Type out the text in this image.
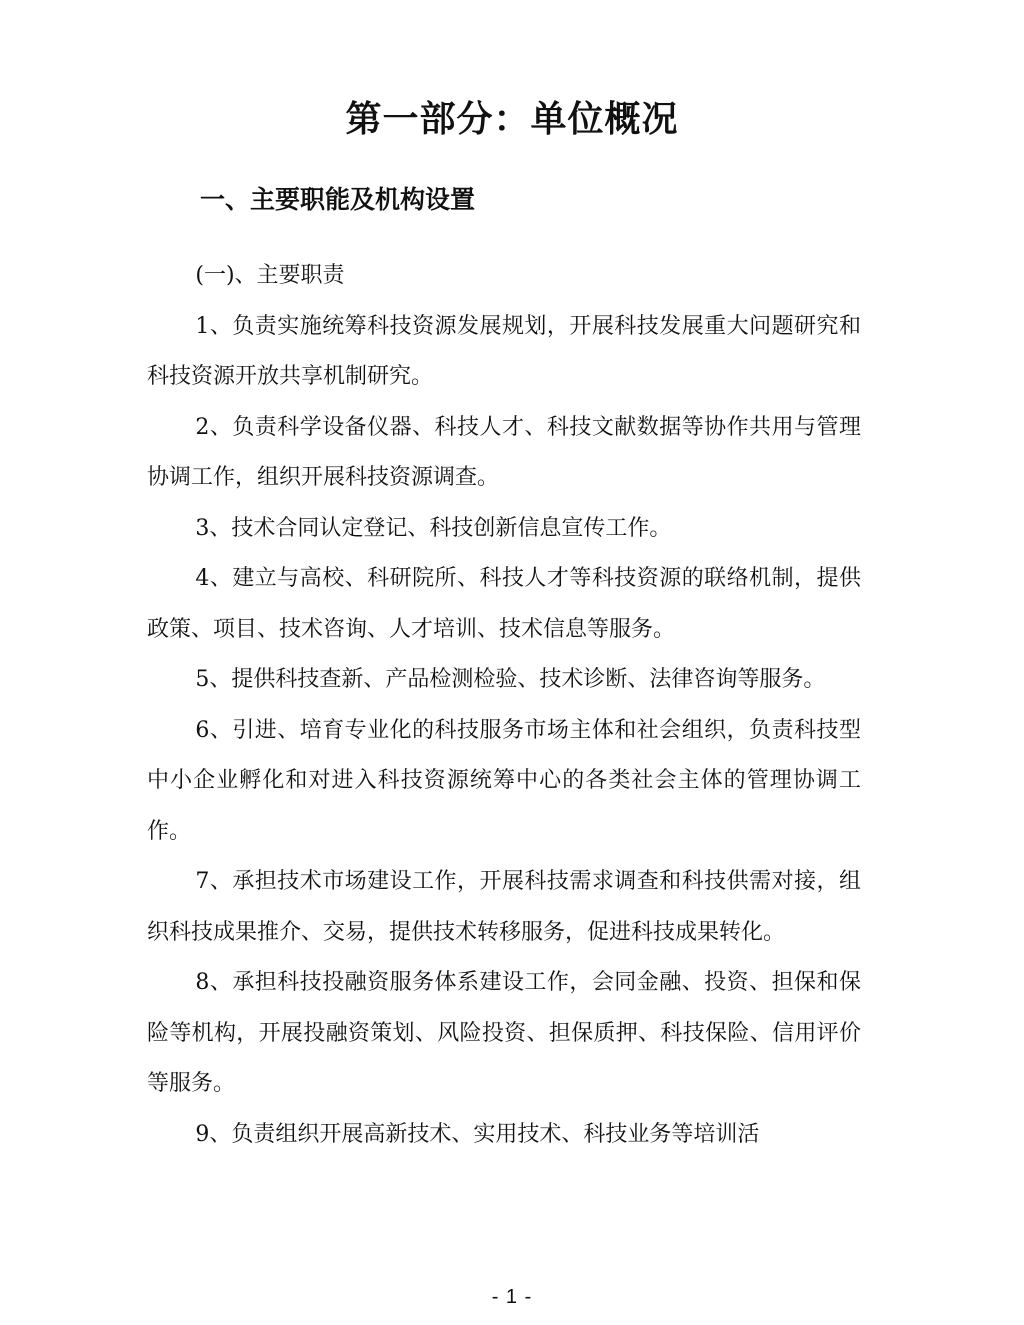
第一部分：单位概况
一、主要职能及机构设置

(一)、主要职责

1、负责实施统筹科技资源发展规划，开展科技发展重大问题研究和科技资源开放共享机制研究。

2、负责科学设备仪器、科技人才、科技文献数据等协作共用与管理协调工作，组织开展科技资源调查。

3、技术合同认定登记、科技创新信息宣传工作。

4、建立与高校、科研院所、科技人才等科技资源的联络机制，提供政策、项目、技术咨询、人才培训、技术信息等服务。

5、提供科技查新、产品检测检验、技术诊断、法律咨询等服务。

6、引进、培育专业化的科技服务市场主体和社会组织，负责科技型中小企业孵化和对进入科技资源统筹中心的各类社会主体的管理协调工作。

7、承担技术市场建设工作，开展科技需求调查和科技供需对接，组织科技成果推介、交易，提供技术转移服务，促进科技成果转化。

8、承担科技投融资服务体系建设工作，会同金融、投资、担保和保险等机构，开展投融资策划、风险投资、担保质押、科技保险、信用评价等服务。

9、负责组织开展高新技术、实用技术、科技业务等培训活

- 1 -
